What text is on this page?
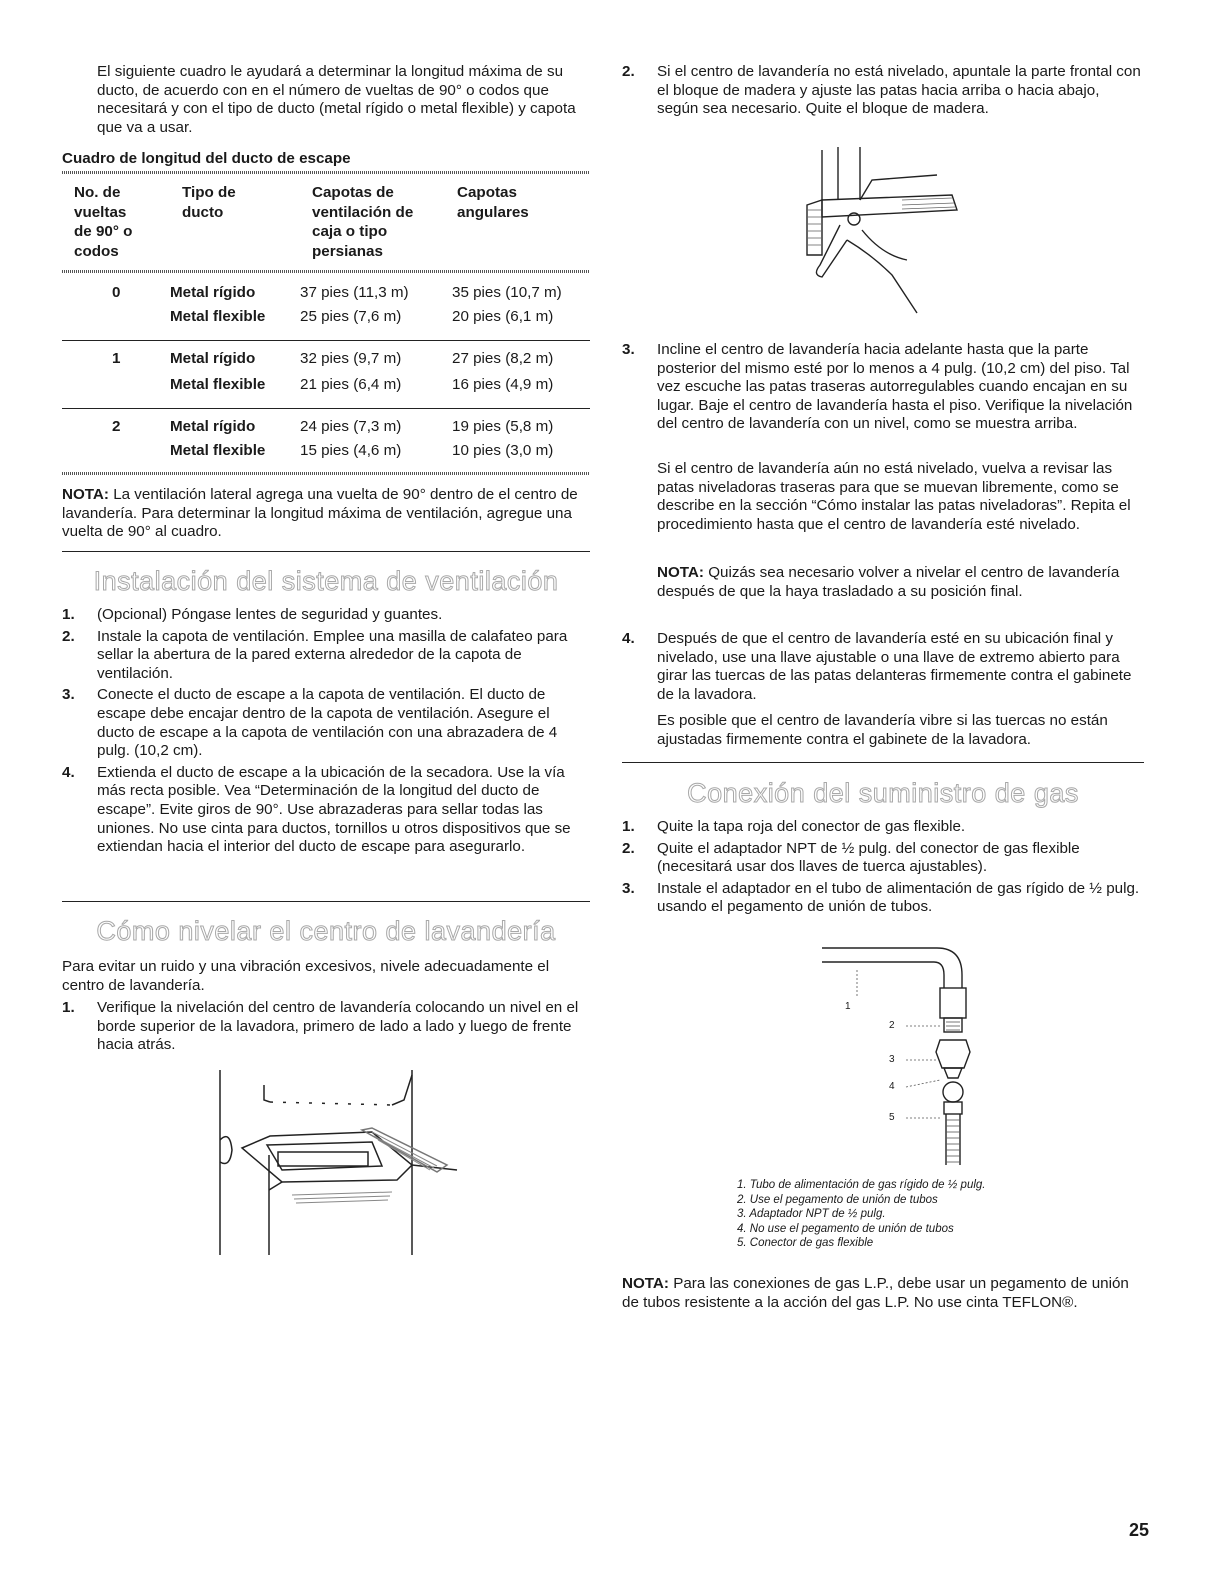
El siguiente cuadro le ayudará a determinar la longitud máxima de su ducto, de acuerdo con en el número de vueltas de 90° o codos que necesitará y con el tipo de ducto (metal rígido o metal flexible) y capota que va a usar.

Cuadro de longitud del ducto de escape

No. de
vueltas
de 90° o
codos

Tipo de
ducto

Capotas de
ventilación de
caja o tipo
persianas

Capotas
angulares
0	Metal rígido	37 pies (11,3 m)	35 pies (10,7 m)
Metal flexible 25 pies (7,6 m)	20 pies (6,1 m)
1	Metal rígido	32 pies (9,7 m)	27 pies (8,2 m)
Metal flexible 21 pies (6,4 m)	16 pies (4,9 m)
2	Metal rígido	24 pies (7,3 m)	19 pies (5,8 m)
Metal flexible 15 pies (4,6 m)	10 pies (3,0 m)

NOTA: La ventilación lateral agrega una vuelta de 90° dentro de el centro de lavandería. Para determinar la longitud máxima de ventilación, agregue una vuelta de 90° al cuadro.

Instalación del sistema de ventilación
1. (Opcional) Póngase lentes de seguridad y guantes.
2. Instale la capota de ventilación. Emplee una masilla de calafateo para sellar la abertura de la pared externa alrededor de la capota de ventilación.
3. Conecte el ducto de escape a la capota de ventilación. El ducto de escape debe encajar dentro de la capota de ventilación. Asegure el ducto de escape a la capota de ventilación con una abrazadera de 4 pulg. (10,2 cm).
4. Extienda el ducto de escape a la ubicación de la secadora. Use la vía más recta posible. Vea “Determinación de la longitud del ducto de escape”. Evite giros de 90°. Use abrazaderas para sellar todas las uniones. No use cinta para ductos, tornillos u otros dispositivos que se extiendan hacia el interior del ducto de escape para asegurarlo.
Cómo nivelar el centro de lavandería

Para evitar un ruido y una vibración excesivos, nivele adecuadamente el centro de lavandería.

1. Verifique la nivelación del centro de lavandería colocando un nivel en el borde superior de la lavadora, primero de lado a lado y luego de frente hacia atrás.
2. Si el centro de lavandería no está nivelado, apuntale la parte frontal con el bloque de madera y ajuste las patas hacia arriba o hacia abajo, según sea necesario. Quite el bloque de madera.
3. Incline el centro de lavandería hacia adelante hasta que la parte posterior del mismo esté por lo menos a 4 pulg. (10,2 cm) del piso. Tal vez escuche las patas traseras autorregulables cuando encajan en su lugar. Baje el centro de lavandería hasta el piso. Verifique la nivelación del centro de lavandería con un nivel, como se muestra arriba.

Si el centro de lavandería aún no está nivelado, vuelva a revisar las patas niveladoras traseras para que se muevan libremente, como se describe en la sección “Cómo instalar las patas niveladoras”. Repita el procedimiento hasta que el centro de lavandería esté nivelado.

NOTA: Quizás sea necesario volver a nivelar el centro de lavandería después de que la haya trasladado a su posición final.

4. Después de que el centro de lavandería esté en su ubicación final y nivelado, use una llave ajustable o una llave de extremo abierto para girar las tuercas de las patas delanteras firmemente contra el gabinete de la lavadora.

Es posible que el centro de lavandería vibre si las tuercas no están ajustadas firmemente contra el gabinete de la lavadora.

Conexión del suministro de gas
1. Quite la tapa roja del conector de gas flexible.
2. Quite el adaptador NPT de ½ pulg. del conector de gas flexible (necesitará usar dos llaves de tuerca ajustables).
3. Instale el adaptador en el tubo de alimentación de gas rígido de ½ pulg. usando el pegamento de unión de tubos.
1
2
3
4
5
1. Tubo de alimentación de gas rígido de ½ pulg.
2. Use el pegamento de unión de tubos
3. Adaptador NPT de ½ pulg.
4. No use el pegamento de unión de tubos
5. Conector de gas flexible

NOTA: Para las conexiones de gas L.P., debe usar un pegamento de unión de tubos resistente a la acción del gas L.P. No use cinta TEFLON®.

25
